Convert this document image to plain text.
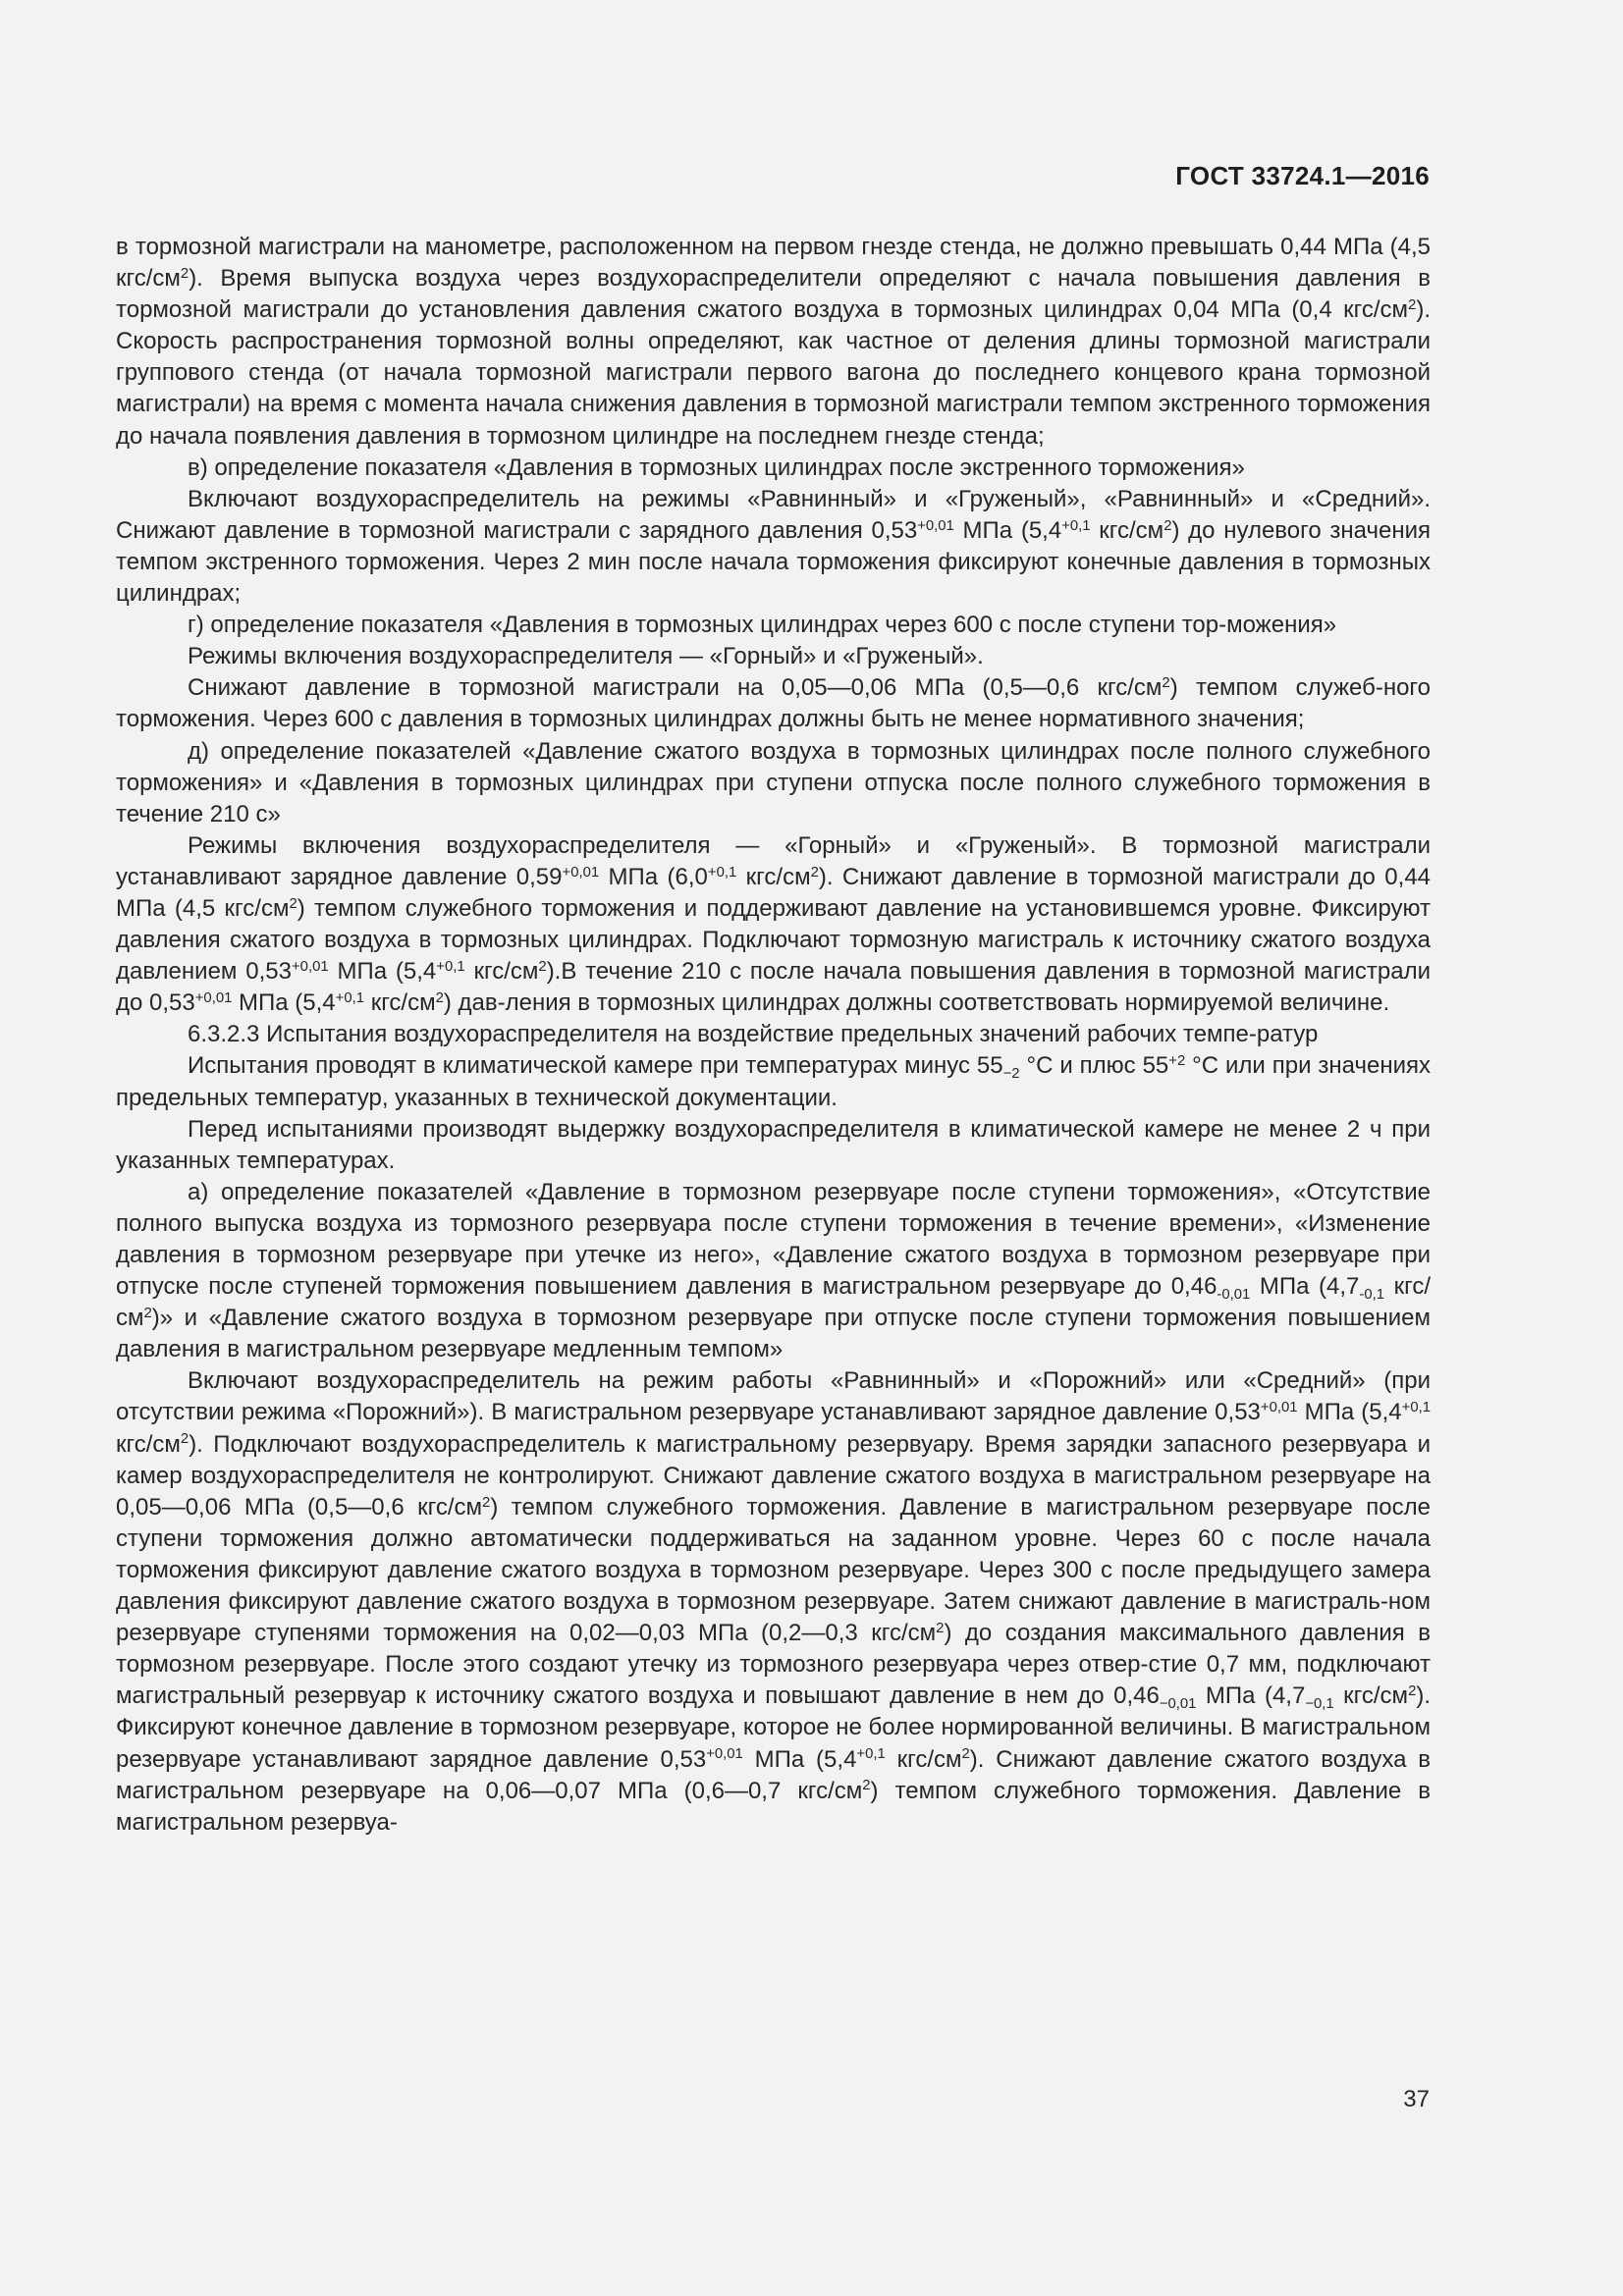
ГОСТ 33724.1—2016

в тормозной магистрали на манометре, расположенном на первом гнезде стенда, не должно превышать 0,44 МПа (4,5 кгс/$см^2$). Время выпуска воздуха через воздухораспределители определяют с начала повышения давления в тормозной магистрали до установления давления сжатого воздуха в тормозных цилиндрах 0,04 МПа (0,4 кгс/$см^2$). Скорость распространения тормозной волны определяют, как частное от деления длины тормозной магистрали группового стенда (от начала тормозной магистрали первого вагона до последнего концевого крана тормозной магистрали) на время с момента начала снижения давления в тормозной магистрали темпом экстренного торможения до начала появления давления в тормозном цилиндре на последнем гнезде стенда;

в) определение показателя «Давления в тормозных цилиндрах после экстренного торможения»

Включают воздухораспределитель на режимы «Равнинный» и «Груженый», «Равнинный» и «Средний». Снижают давление в тормозной магистрали с зарядного давления $0,53^{+0,01}$ МПа ($5,4^{+0,1}$ кгс/$см^2$) до нулевого значения темпом экстренного торможения. Через 2 мин после начала торможения фиксируют конечные давления в тормозных цилиндрах;

г) определение показателя «Давления в тормозных цилиндрах через 600 с после ступени тор-можения»

Режимы включения воздухораспределителя — «Горный» и «Груженый».

Снижают давление в тормозной магистрали на 0,05—0,06 МПа (0,5—0,6 кгс/$см^2$) темпом служеб-ного торможения. Через 600 с давления в тормозных цилиндрах должны быть не менее нормативного значения;

д) определение показателей «Давление сжатого воздуха в тормозных цилиндрах после полного служебного торможения» и «Давления в тормозных цилиндрах при ступени отпуска после полного служебного торможения в течение 210 с»

Режимы включения воздухораспределителя — «Горный» и «Груженый». В тормозной магистрали устанавливают зарядное давление $0,59^{+0,01}$ МПа ($6,0^{+0,1}$ кгс/$см^2$). Снижают давление в тормозной магистрали до 0,44 МПа (4,5 кгс/$см^2$) темпом служебного торможения и поддерживают давление на установившемся уровне. Фиксируют давления сжатого воздуха в тормозных цилиндрах. Подключают тормозную магистраль к источнику сжатого воздуха давлением $0,53^{+0,01}$ МПа ($5,4^{+0,1}$ кгс/$см^2).В$ течение 210 с после начала повышения давления в тормозной магистрали до $0,53^{+0,01}$ МПа ($5,4^{+0,1}$ кгс/$см^2$) дав-ления в тормозных цилиндрах должны соответствовать нормируемой величине.

6.3.2.3 Испытания воздухораспределителя на воздействие предельных значений рабочих темпе-ратур

Испытания проводят в климатической камере при температурах минус $55_{-2}$ °С и плюс $55^{+2}$ °С или при значениях предельных температур, указанных в технической документации.

Перед испытаниями производят выдержку воздухораспределителя в климатической камере не менее 2 ч при указанных температурах.

а) определение показателей «Давление в тормозном резервуаре после ступени торможения», «Отсутствие полного выпуска воздуха из тормозного резервуара после ступени торможения в течение времени», «Изменение давления в тормозном резервуаре при утечке из него», «Давление сжатого воздуха в тормозном резервуаре при отпуске после ступеней торможения повышением давления в магистральном резервуаре до $0,46_{-0,01}$ МПа ($4,7_{-0,1}$ кгс/$см^2$)» и «Давление сжатого воздуха в тормозном резервуаре при отпуске после ступени торможения повышением давления в магистральном резервуаре медленным темпом»

Включают воздухораспределитель на режим работы «Равнинный» и «Порожний» или «Средний» (при отсутствии режима «Порожний»). В магистральном резервуаре устанавливают зарядное давление $0,53^{+0,01}$ МПа ($5,4^{+0,1}$ кгс/$см^2$). Подключают воздухораспределитель к магистральному резервуару. Время зарядки запасного резервуара и камер воздухораспределителя не контролируют. Снижают давление сжатого воздуха в магистральном резервуаре на 0,05—0,06 МПа (0,5—0,6 кгс/$см^2$) темпом служебного торможения. Давление в магистральном резервуаре после ступени торможения должно автоматически поддерживаться на заданном уровне. Через 60 с после начала торможения фиксируют давление сжатого воздуха в тормозном резервуаре. Через 300 с после предыдущего замера давления фиксируют давление сжатого воздуха в тормозном резервуаре. Затем снижают давление в магистраль-ном резервуаре ступенями торможения на 0,02—0,03 МПа (0,2—0,3 кгс/$см^2$) до создания максимального давления в тормозном резервуаре. После этого создают утечку из тормозного резервуара через отвер-стие 0,7 мм, подключают магистральный резервуар к источнику сжатого воздуха и повышают давление в нем до $0,46_{-0,01}$ МПа ($4,7_{-0,1}$ кгс/$см^2$). Фиксируют конечное давление в тормозном резервуаре, которое не более нормированной величины. В магистральном резервуаре устанавливают зарядное давление $0,53^{+0,01}$ МПа ($5,4^{+0,1}$ кгс/$см^2$). Снижают давление сжатого воздуха в магистральном резервуаре на 0,06—0,07 МПа (0,6—0,7 кгс/$см^2$) темпом служебного торможения. Давление в магистральном резервуа-

37
